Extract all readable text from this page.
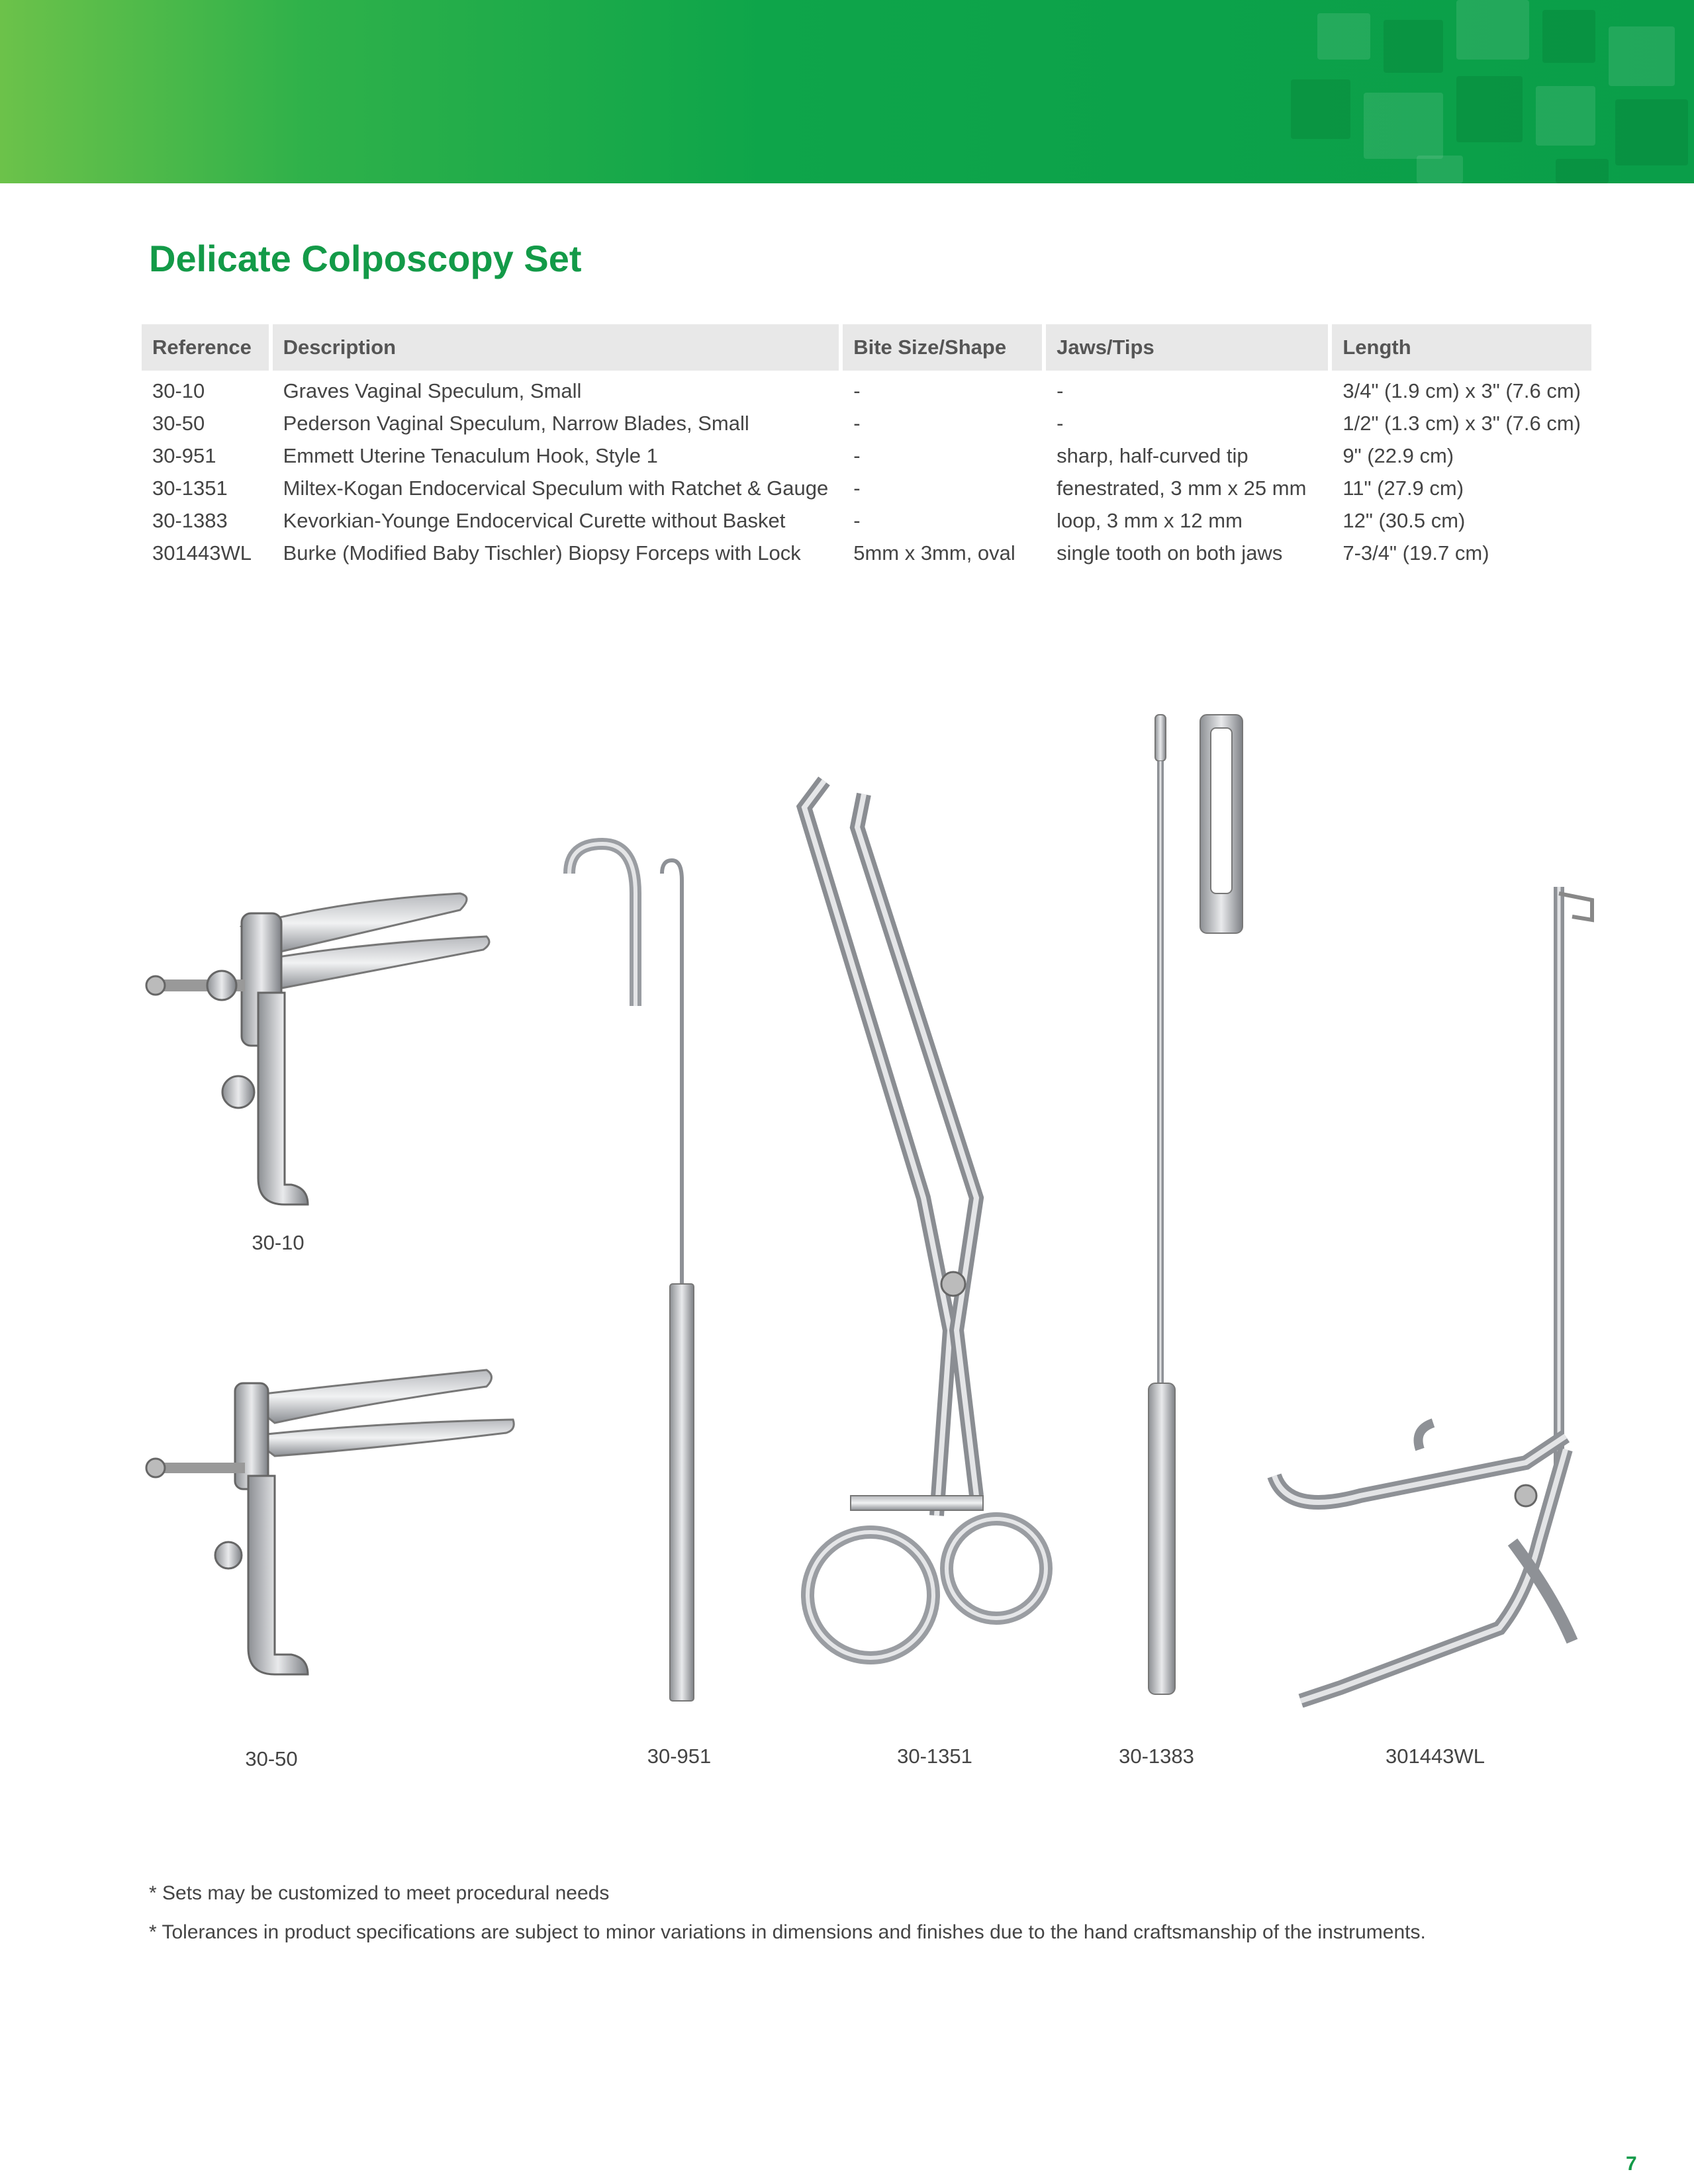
Delicate Colposcopy Set
Reference	Description	Bite Size/Shape	Jaws/Tips	Length
30-10	Graves Vaginal Speculum, Small	-	-	3/4" (1.9 cm) x 3" (7.6 cm)
30-50	Pederson Vaginal Speculum, Narrow Blades, Small	-	-	1/2" (1.3 cm) x 3" (7.6 cm)
30-951	Emmett Uterine Tenaculum Hook, Style 1	-	sharp, half-curved tip	9" (22.9 cm)
30-1351	Miltex-Kogan Endocervical Speculum with Ratchet & Gauge	-	fenestrated, 3 mm x 25 mm	11" (27.9 cm)
30-1383	Kevorkian-Younge Endocervical Curette without Basket	-	loop, 3 mm x 12 mm	12" (30.5 cm)
301443WL	Burke (Modified Baby Tischler) Biopsy Forceps with Lock	5mm x 3mm, oval	single tooth on both jaws	7-3/4" (19.7 cm)
30-10
30-50	30-951	30-1351	30-1383	301443WL
* Sets may be customized to meet procedural needs
* Tolerances in product specifications are subject to minor variations in dimensions and finishes due to the hand craftsmanship of the instruments.
7
